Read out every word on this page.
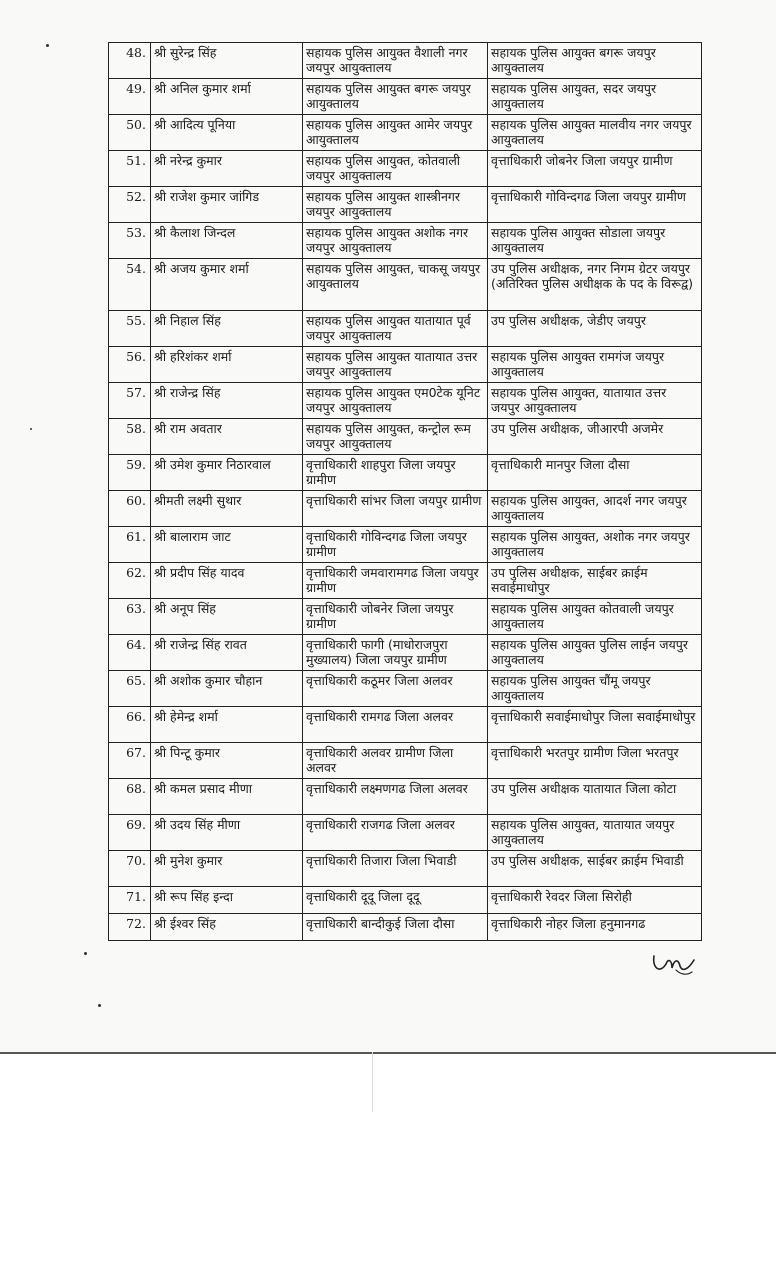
48.	श्री सुरेन्द्र सिंह	सहायक पुलिस आयुक्त वैशाली नगर जयपुर आयुक्तालय	सहायक पुलिस आयुक्त बगरू जयपुर आयुक्तालय
49.	श्री अनिल कुमार शर्मा	सहायक पुलिस आयुक्त बगरू जयपुर आयुक्तालय	सहायक पुलिस आयुक्त, सदर जयपुर आयुक्तालय
50.	श्री आदित्य पूनिया	सहायक पुलिस आयुक्त आमेर जयपुर आयुक्तालय	सहायक पुलिस आयुक्त मालवीय नगर जयपुर आयुक्तालय
51.	श्री नरेन्द्र कुमार	सहायक पुलिस आयुक्त, कोतवाली जयपुर आयुक्तालय	वृत्ताधिकारी जोबनेर जिला जयपुर ग्रामीण
52.	श्री राजेश कुमार जांगिड	सहायक पुलिस आयुक्त शास्त्रीनगर जयपुर आयुक्तालय	वृत्ताधिकारी गोविन्दगढ जिला जयपुर ग्रामीण
53.	श्री कैलाश जिन्दल	सहायक पुलिस आयुक्त अशोक नगर जयपुर आयुक्तालय	सहायक पुलिस आयुक्त सोडाला जयपुर आयुक्तालय
54.	श्री अजय कुमार शर्मा	सहायक पुलिस आयुक्त, चाकसू जयपुर आयुक्तालय	उप पुलिस अधीक्षक, नगर निगम ग्रेटर जयपुर (अतिरिक्त पुलिस अधीक्षक के पद के विरूद्व)
55.	श्री निहाल सिंह	सहायक पुलिस आयुक्त यातायात पूर्व जयपुर आयुक्तालय	उप पुलिस अधीक्षक, जेडीए जयपुर
56.	श्री हरिशंकर शर्मा	सहायक पुलिस आयुक्त यातायात उत्तर जयपुर आयुक्तालय	सहायक पुलिस आयुक्त रामगंज जयपुर आयुक्तालय
57.	श्री राजेन्द्र सिंह	सहायक पुलिस आयुक्त एम0टेक यूनिट जयपुर आयुक्तालय	सहायक पुलिस आयुक्त, यातायात उत्तर जयपुर आयुक्तालय
58.	श्री राम अवतार	सहायक पुलिस आयुक्त, कन्ट्रोल रूम जयपुर आयुक्तालय	उप पुलिस अधीक्षक, जीआरपी अजमेर
59.	श्री उमेश कुमार निठारवाल	वृत्ताधिकारी शाहपुरा जिला जयपुर ग्रामीण	वृत्ताधिकारी मानपुर जिला दौसा
60.	श्रीमती लक्ष्मी सुथार	वृत्ताधिकारी सांभर जिला जयपुर ग्रामीण	सहायक पुलिस आयुक्त, आदर्श नगर जयपुर आयुक्तालय
61.	श्री बालाराम जाट	वृत्ताधिकारी गोविन्दगढ जिला जयपुर ग्रामीण	सहायक पुलिस आयुक्त, अशोक नगर जयपुर आयुक्तालय
62.	श्री प्रदीप सिंह यादव	वृत्ताधिकारी जमवारामगढ जिला जयपुर ग्रामीण	उप पुलिस अधीक्षक, साईबर क्राईम सवाईमाधोपुर
63.	श्री अनूप सिंह	वृत्ताधिकारी जोबनेर जिला जयपुर ग्रामीण	सहायक पुलिस आयुक्त कोतवाली जयपुर आयुक्तालय
64.	श्री राजेन्द्र सिंह रावत	वृत्ताधिकारी फागी (माधोराजपुरा मुख्यालय) जिला जयपुर ग्रामीण	सहायक पुलिस आयुक्त पुलिस लाईन जयपुर आयुक्तालय
65.	श्री अशोक कुमार चौहान	वृत्ताधिकारी कठूमर जिला अलवर	सहायक पुलिस आयुक्त चौंमू जयपुर आयुक्तालय
66.	श्री हेमेन्द्र शर्मा	वृत्ताधिकारी रामगढ जिला अलवर	वृत्ताधिकारी सवाईमाधोपुर जिला सवाईमाधोपुर
67.	श्री पिन्टू कुमार	वृत्ताधिकारी अलवर ग्रामीण जिला अलवर	वृत्ताधिकारी भरतपुर ग्रामीण जिला भरतपुर
68.	श्री कमल प्रसाद मीणा	वृत्ताधिकारी लक्ष्मणगढ जिला अलवर	उप पुलिस अधीक्षक यातायात जिला कोटा
69.	श्री उदय सिंह मीणा	वृत्ताधिकारी राजगढ जिला अलवर	सहायक पुलिस आयुक्त, यातायात जयपुर आयुक्तालय
70.	श्री मुनेश कुमार	वृत्ताधिकारी तिजारा जिला भिवाडी	उप पुलिस अधीक्षक, साईबर क्राईम भिवाडी
71.	श्री रूप सिंह इन्दा	वृत्ताधिकारी दूदू जिला दूदू	वृत्ताधिकारी रेवदर जिला सिरोही
72.	श्री ईश्वर सिंह	वृत्ताधिकारी बान्दीकुई जिला दौसा	वृत्ताधिकारी नोहर जिला हनुमानगढ
